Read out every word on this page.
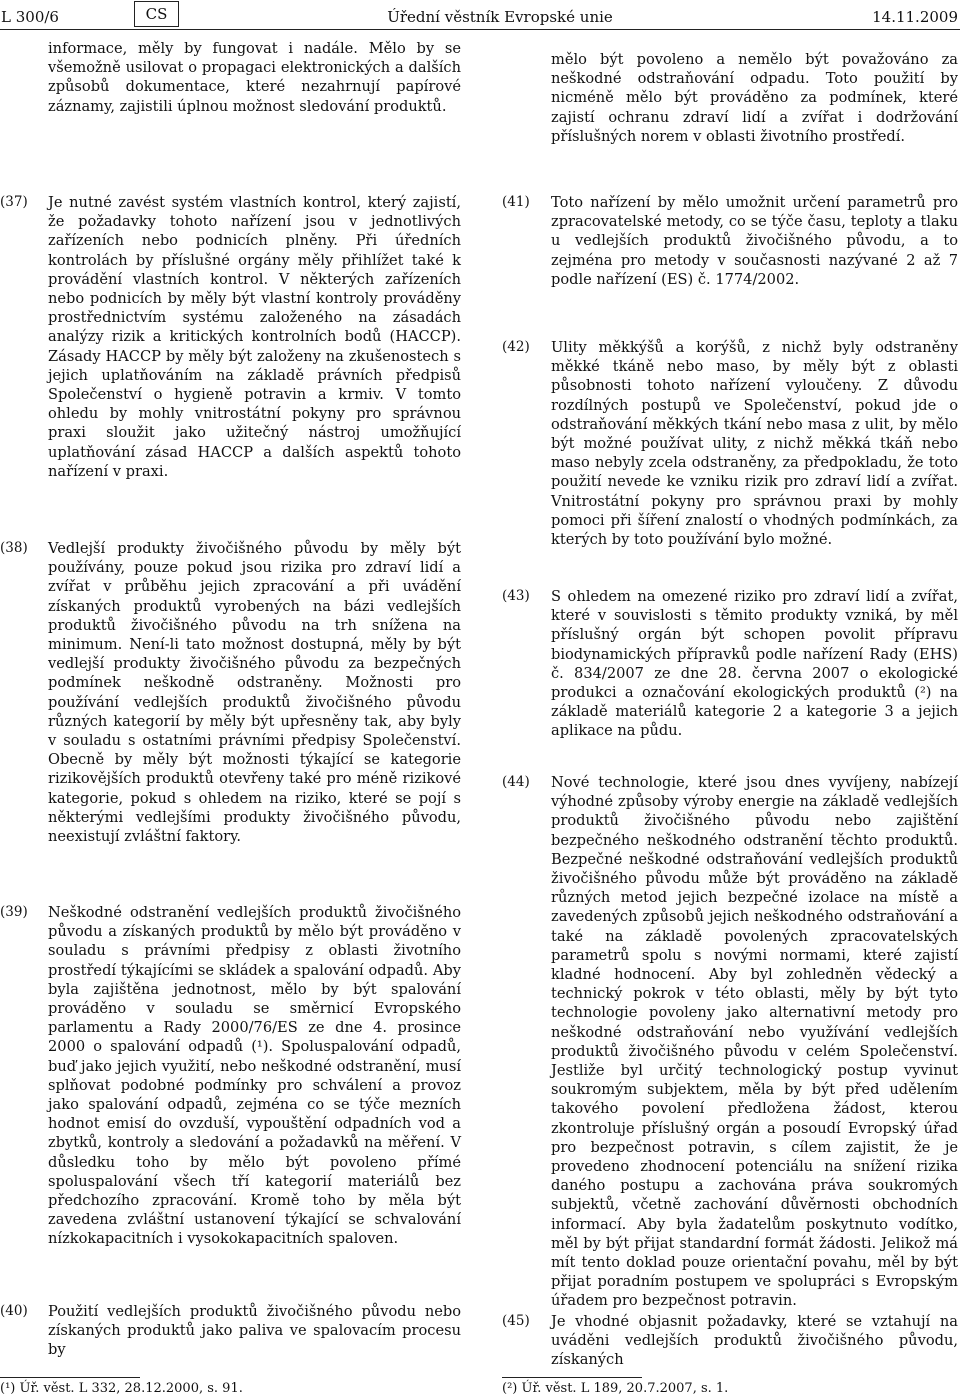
L 300/6	CS	Úřední věstník Evropské unie	14.11.2009

informace, měly by fungovat i nadále. Mělo by se všemožně usilovat o propagaci elektronických a dalších způsobů dokumentace, které nezahrnují papírové záznamy, zajistili úplnou možnost sledování produktů.

(37) Je nutné zavést systém vlastních kontrol, který zajistí, že požadavky tohoto nařízení jsou v jednotlivých zařízeních nebo podnicích plněny. Při úředních kontrolách by příslušné orgány měly přihlížet také k provádění vlastních kontrol. V některých zařízeních nebo podnicích by měly být vlastní kontroly prováděny prostřednictvím systému založeného na zásadách analýzy rizik a kritických kontrolních bodů (HACCP). Zásady HACCP by měly být založeny na zkušenostech s jejich uplatňováním na základě právních předpisů Společenství o hygieně potravin a krmiv. V tomto ohledu by mohly vnitrostátní pokyny pro správnou praxi sloužit jako užitečný nástroj umožňující uplatňování zásad HACCP a dalších aspektů tohoto nařízení v praxi.

(38) Vedlejší produkty živočišného původu by měly být používány, pouze pokud jsou rizika pro zdraví lidí a zvířat v průběhu jejich zpracování a při uvádění získaných produktů vyrobených na bázi vedlejších produktů živočišného původu na trh snížena na minimum. Není-li tato možnost dostupná, měly by být vedlejší produkty živočišného původu za bezpečných podmínek neškodně odstraněny. Možnosti pro používání vedlejších produktů živočišného původu různých kategorií by měly být upřesněny tak, aby byly v souladu s ostatními právními předpisy Společenství. Obecně by měly být možnosti týkající se kategorie rizikovějších produktů otevřeny také pro méně rizikové kategorie, pokud s ohledem na riziko, které se pojí s některými vedlejšími produkty živočišného původu, neexistují zvláštní faktory.

(39) Neškodné odstranění vedlejších produktů živočišného původu a získaných produktů by mělo být prováděno v souladu s právními předpisy z oblasti životního prostředí týkajícími se skládek a spalování odpadů. Aby byla zajištěna jednotnost, mělo by být spalování prováděno v souladu se směrnicí Evropského parlamentu a Rady 2000/76/ES ze dne 4. prosince 2000 o spalování odpadů (¹). Spoluspalování odpadů, buď jako jejich využití, nebo neškodné odstranění, musí splňovat podobné podmínky pro schválení a provoz jako spalování odpadů, zejména co se týče mezních hodnot emisí do ovzduší, vypouštění odpadních vod a zbytků, kontroly a sledování a požadavků na měření. V důsledku toho by mělo být povoleno přímé spoluspalování všech tří kategorií materiálů bez předchozího zpracování. Kromě toho by měla být zavedena zvláštní ustanovení týkající se schvalování nízkokapacitních i vysokokapacitních spaloven.

(40) Použití vedlejších produktů živočišného původu nebo získaných produktů jako paliva ve spalovacím procesu by

mělo být povoleno a nemělo být považováno za neškodné odstraňování odpadu. Toto použití by nicméně mělo být prováděno za podmínek, které zajistí ochranu zdraví lidí a zvířat i dodržování příslušných norem v oblasti životního prostředí.

(41) Toto nařízení by mělo umožnit určení parametrů pro zpracovatelské metody, co se týče času, teploty a tlaku u vedlejších produktů živočišného původu, a to zejména pro metody v současnosti nazývané 2 až 7 podle nařízení (ES) č. 1774/2002.

(42) Ulity měkkýšů a korýšů, z nichž byly odstraněny měkké tkáně nebo maso, by měly být z oblasti působnosti tohoto nařízení vyloučeny. Z důvodu rozdílných postupů ve Společenství, pokud jde o odstraňování měkkých tkání nebo masa z ulit, by mělo být možné používat ulity, z nichž měkká tkáň nebo maso nebyly zcela odstraněny, za předpokladu, že toto použití nevede ke vzniku rizik pro zdraví lidí a zvířat. Vnitrostátní pokyny pro správnou praxi by mohly pomoci při šíření znalostí o vhodných podmínkách, za kterých by toto používání bylo možné.

(43) S ohledem na omezené riziko pro zdraví lidí a zvířat, které v souvislosti s těmito produkty vzniká, by měl příslušný orgán být schopen povolit přípravu biodynamických přípravků podle nařízení Rady (EHS) č. 834/2007 ze dne 28. června 2007 o ekologické produkci a označování ekologických produktů (²) na základě materiálů kategorie 2 a kategorie 3 a jejich aplikace na půdu.

(44) Nové technologie, které jsou dnes vyvíjeny, nabízejí výhodné způsoby výroby energie na základě vedlejších produktů živočišného původu nebo zajištění bezpečného neškodného odstranění těchto produktů. Bezpečné neškodné odstraňování vedlejších produktů živočišného původu může být prováděno na základě různých metod jejich bezpečné izolace na místě a zavedených způsobů jejich neškodného odstraňování a také na základě povolených zpracovatelských parametrů spolu s novými normami, které zajistí kladné hodnocení. Aby byl zohledněn vědecký a technický pokrok v této oblasti, měly by být tyto technologie povoleny jako alternativní metody pro neškodné odstraňování nebo využívání vedlejších produktů živočišného původu v celém Společenství. Jestliže byl určitý technologický postup vyvinut soukromým subjektem, měla by být před udělením takového povolení předložena žádost, kterou zkontroluje příslušný orgán a posoudí Evropský úřad pro bezpečnost potravin, s cílem zajistit, že je provedeno zhodnocení potenciálu na snížení rizika daného postupu a zachována práva soukromých subjektů, včetně zachování důvěrnosti obchodních informací. Aby byla žadatelům poskytnuto vodítko, měl by být přijat standardní formát žádosti. Jelikož má mít tento doklad pouze orientační povahu, měl by být přijat poradním postupem ve spolupráci s Evropským úřadem pro bezpečnost potravin.

(45) Je vhodné objasnit požadavky, které se vztahují na uváděni vedlejších produktů živočišného původu, získaných

(¹) Úř. věst. L 332, 28.12.2000, s. 91.	(²) Úř. věst. L 189, 20.7.2007, s. 1.
